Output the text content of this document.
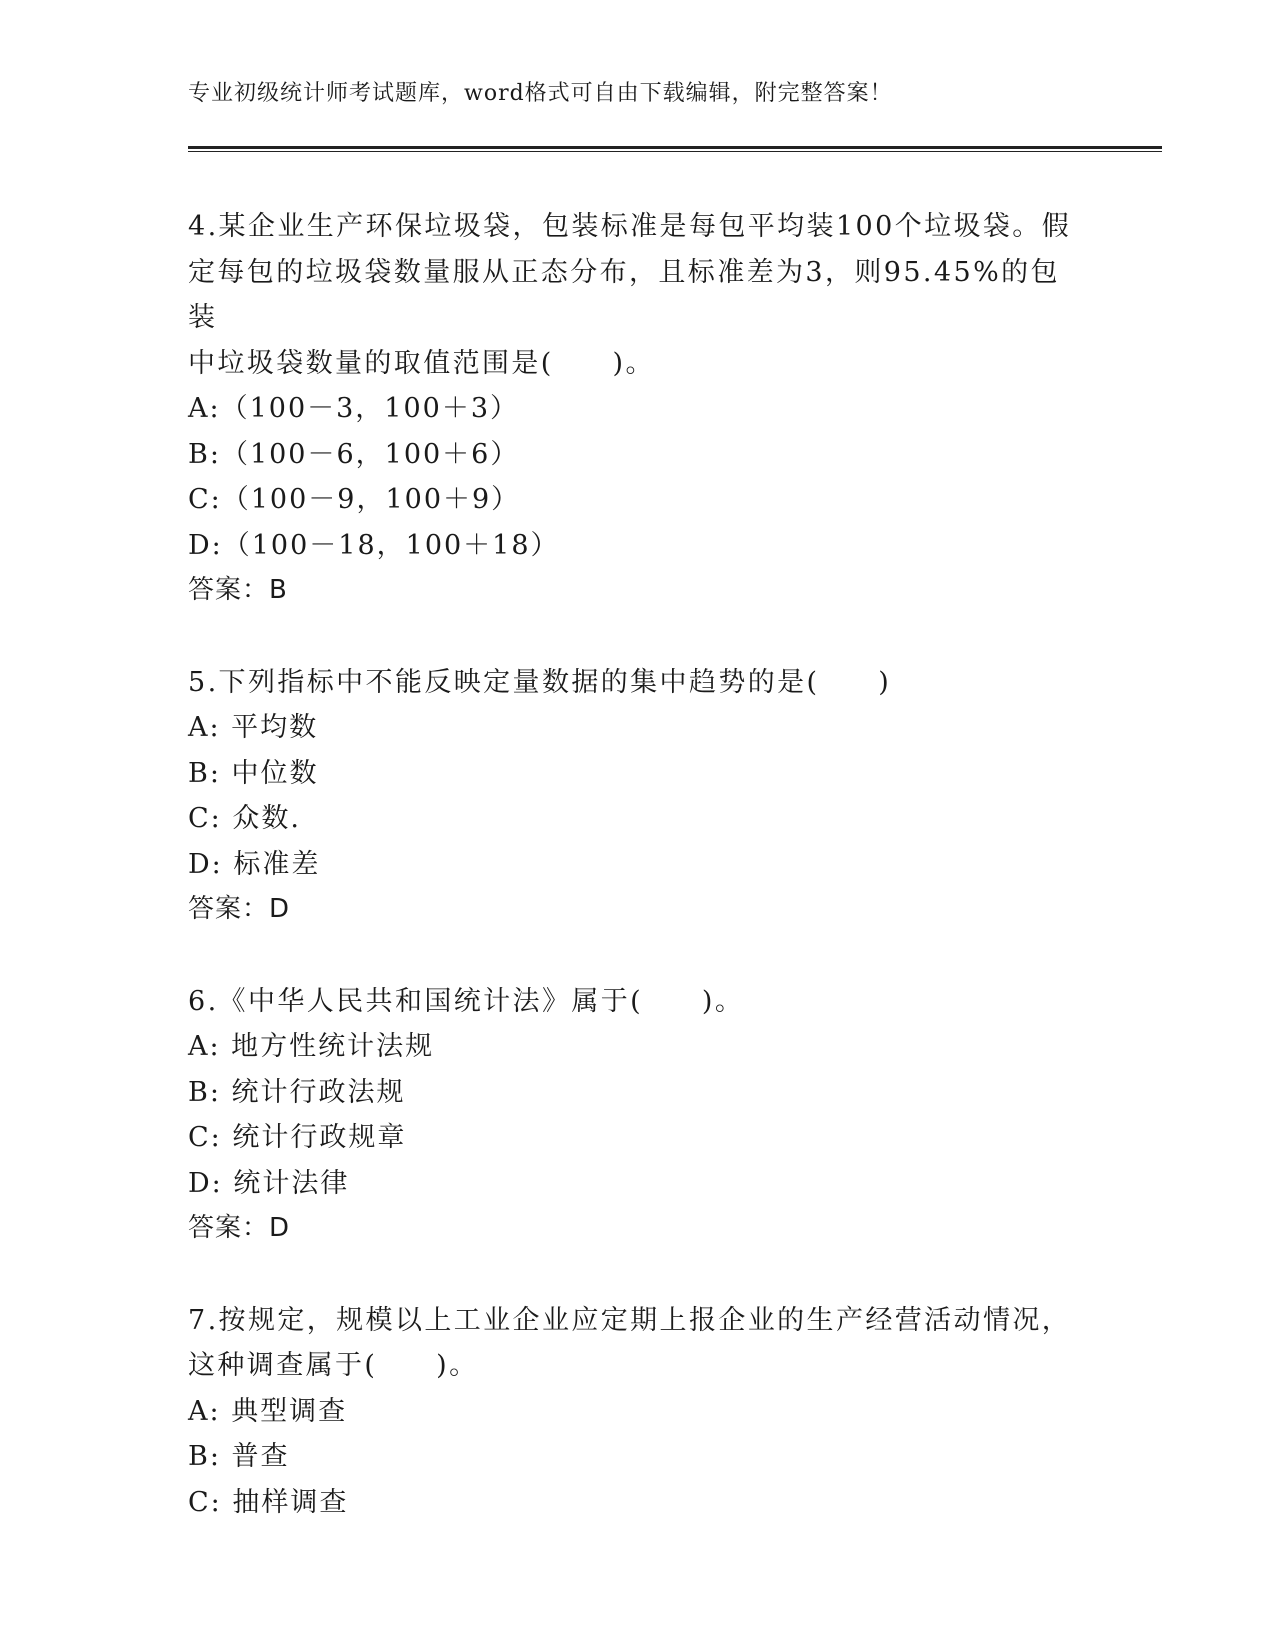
专业初级统计师考试题库，word格式可自由下载编辑，附完整答案！
4.某企业生产环保垃圾袋，包装标准是每包平均装100个垃圾袋。假
定每包的垃圾袋数量服从正态分布，且标准差为3，则95.45%的包装
中垃圾袋数量的取值范围是(　　)。
A:（100－3，100＋3）
B:（100－6，100＋6）
C:（100－9，100＋9）
D:（100－18，100＋18）
答案：B
5.下列指标中不能反映定量数据的集中趋势的是(　　)
A: 平均数
B: 中位数
C: 众数.
D: 标准差
答案：D
6.《中华人民共和国统计法》属于(　　)。
A: 地方性统计法规
B: 统计行政法规
C: 统计行政规章
D: 统计法律
答案：D
7.按规定，规模以上工业企业应定期上报企业的生产经营活动情况，
这种调查属于(　　)。
A: 典型调查
B: 普查
C: 抽样调查
